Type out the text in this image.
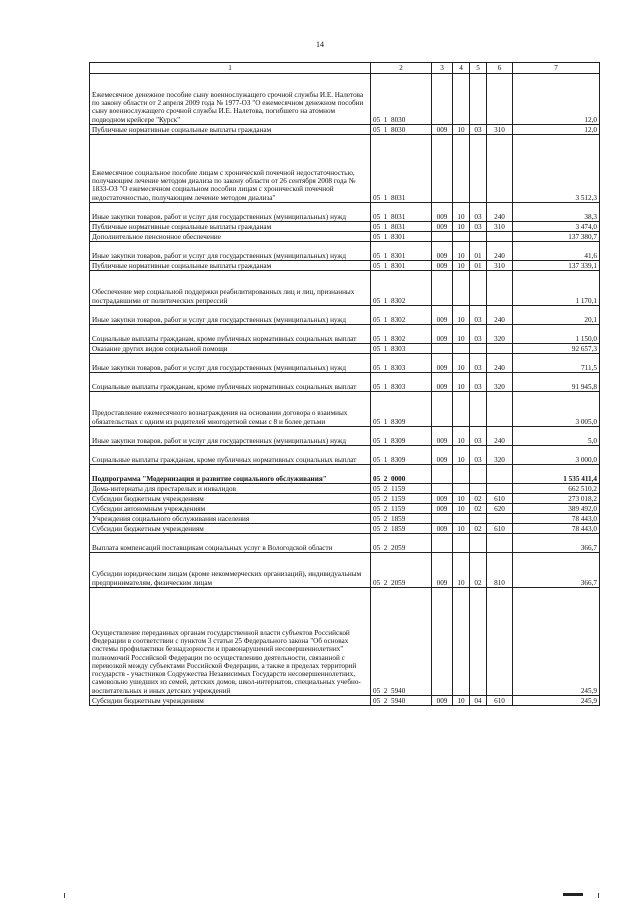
14
1	2	3	4	5	6	7
Ежемесячное денежное пособие сыну военнослужащего срочной службы И.Е. Налетова по закону области от 2 апреля 2009 года № 1977-ОЗ "О ежемесячном денежном пособии сыну военнослужащего срочной службы И.Е. Налетова, погибшего на атомном подводном крейсере "Курск"	05  1  8030					12,0
Публичные нормативные социальные выплаты гражданам	05  1  8030	009	10	03	310	12,0
Ежемесячное социальное пособие лицам с хронической почечной недостаточностью, получающим лечение методом диализа по закону области от 26 сентября 2008 года № 1833-ОЗ "О ежемесячном социальном пособии лицам с хронической почечной недостаточностью, получающим лечение методом диализа"	05  1  8031					3 512,3
Иные закупки товаров, работ и услуг для государственных (муниципальных) нужд	05  1  8031	009	10	03	240	38,3
Публичные нормативные социальные выплаты гражданам	05  1  8031	009	10	03	310	3 474,0
Дополнительное пенсионное обеспечение	05  1  8301					137 380,7
Иные закупки товаров, работ и услуг для государственных (муниципальных) нужд	05  1  8301	009	10	01	240	41,6
Публичные нормативные социальные выплаты гражданам	05  1  8301	009	10	01	310	137 339,1
Обеспечение мер социальной поддержки реабилитированных лиц и лиц, признанных пострадавшими от политических репрессий	05  1  8302					1 170,1
Иные закупки товаров, работ и услуг для государственных (муниципальных) нужд	05  1  8302	009	10	03	240	20,1
Социальные выплаты гражданам, кроме публичных нормативных социальных выплат	05  1  8302	009	10	03	320	1 150,0
Оказание других видов социальной помощи	05  1  8303					92 657,3
Иные закупки товаров, работ и услуг для государственных (муниципальных) нужд	05  1  8303	009	10	03	240	711,5
Социальные выплаты гражданам, кроме публичных нормативных социальных выплат	05  1  8303	009	10	03	320	91 945,8
Предоставление ежемесячного вознаграждения на основании договора о взаимных обязательствах с одним из родителей многодетной семьи с 8 и более детьми	05  1  8309					3 005,0
Иные закупки товаров, работ и услуг для государственных (муниципальных) нужд	05  1  8309	009	10	03	240	5,0
Социальные выплаты гражданам, кроме публичных нормативных социальных выплат	05  1  8309	009	10	03	320	3 000,0
Подпрограмма "Модернизация и развитие социального обслуживания"	05  2  0000					1 535 411,4
Дома-интернаты для престарелых и инвалидов	05  2  1159					662 510,2
Субсидии бюджетным учреждениям	05  2  1159	009	10	02	610	273 018,2
Субсидии автономным учреждениям	05  2  1159	009	10	02	620	389 492,0
Учреждения социального обслуживания населения	05  2  1859					78 443,0
Субсидии бюджетным учреждениям	05  2  1859	009	10	02	610	78 443,0
Выплата компенсаций поставщикам социальных услуг в Вологодской области	05  2  2059					366,7
Субсидии юридическим лицам (кроме некоммерческих организаций), индивидуальным предпринимателям, физическим лицам	05  2  2059	009	10	02	810	366,7
Осуществление переданных органам государственной власти субъектов Российской Федерации в соответствии с пунктом 3 статьи 25 Федерального закона "Об основах системы профилактики безнадзорности и правонарушений несовершеннолетних" полномочий Российской Федерации по осуществлению деятельности, связанной с перевозкой между субъектами Российской Федерации, а также в пределах территорий государств - участников Содружества Независимых Государств несовершеннолетних, самовольно ушедших из семей, детских домов, школ-интернатов, специальных учебно-воспитательных и иных детских учреждений	05  2  5940					245,9
Субсидии бюджетным учреждениям	05  2  5940	009	10	04	610	245,9
